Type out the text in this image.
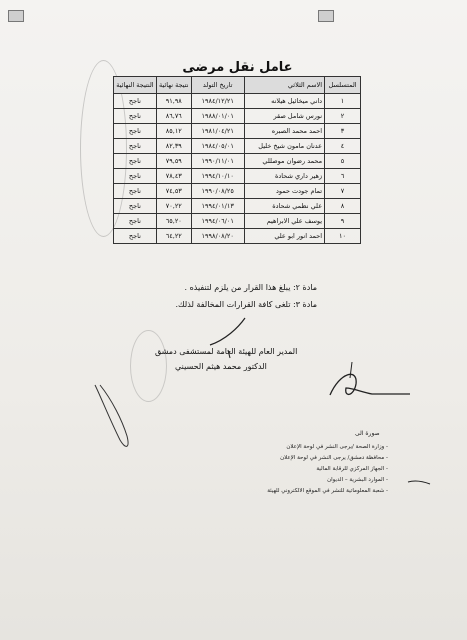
عامل نقل مرضى
المتسلسل	الاسم الثلاثي	تاريخ التولد	نتيجة نهائية	النتيجة النهائية
١	داني ميخائيل هيلانه	١٩٨٤/١٢/٢١	٩١,٩٨	ناجح
٢	نورس شامل صقر	١٩٨٨/٠١/٠١	٨٦,٧٦	ناجح
٣	احمد محمد الصبره	١٩٨١/٠٤/٢١	٨٥,١٢	ناجح
٤	عدنان مامون شيخ خليل	١٩٨٤/٠٥/٠١	٨٢,٣٩	ناجح
٥	محمد رضوان موصللي	١٩٩٠/١١/٠١	٧٩,٥٩	ناجح
٦	زهير داري شحادة	١٩٩٤/١٠/١٠	٧٨,٤٣	ناجح
٧	تمام جودت حمود	١٩٩٠/٠٨/٢٥	٧٤,٥٣	ناجح
٨	علي نظمي شحادة	١٩٩٤/٠١/١٣	٧٠,٢٢	ناجح
٩	يوسف علي الابراهيم	١٩٩٤/٠٦/٠١	٦٥,٢٠	ناجح
١٠	احمد انور ابو علي	١٩٩٨/٠٨/٢٠	٦٤,٢٢	ناجح
مادة ٢: يبلغ هذا القرار من يلزم لتنفيذه .
مادة ٣: تلغى كافة القرارات المخالفة لذلك.
المدير العام للهيئة العامة لمستشفى دمشق
الدكتور محمد هيثم الحسيني
صورة الى
- وزارة الصحة /يرجى النشر في لوحة الإعلان
- محافظة دمشق/ يرجى النشر في لوحة الإعلان
- الجهاز المركزي للرقابة المالية
- الموارد البشرية – الديوان
- شعبة المعلوماتية للنشر في الموقع الالكتروني للهيئة
